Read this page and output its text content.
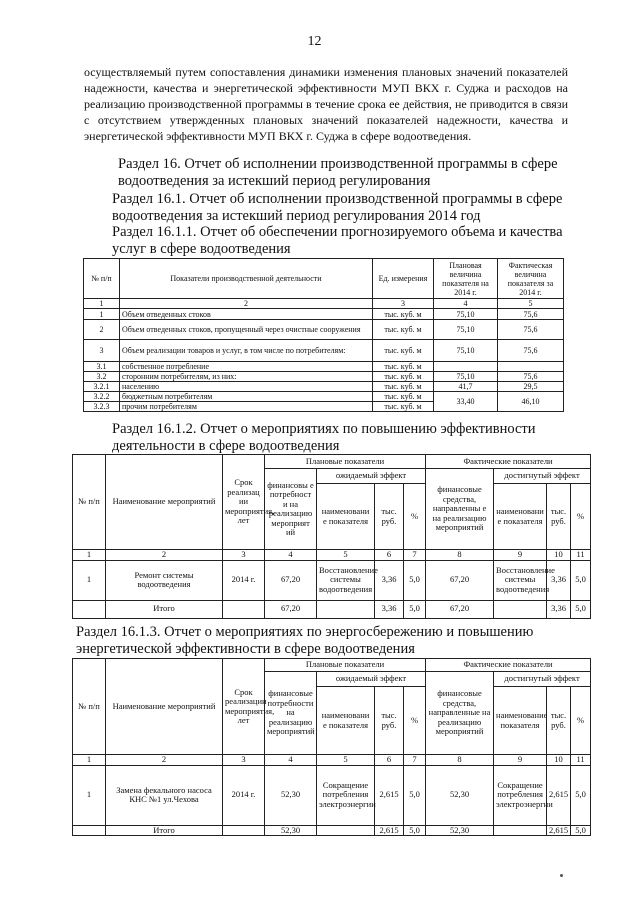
12
осуществляемый путем сопоставления динамики изменения плановых значений показателей надежности, качества и энергетической эффективности МУП ВКХ г. Суджа и расходов на реализацию производственной программы в течение срока ее действия, не приводится в связи с отсутствием утвержденных плановых значений показателей надежности, качества и энергетической эффективности МУП ВКХ г. Суджа в сфере водоотведения.
Раздел 16. Отчет об исполнении производственной программы в сфере водоотведения за истекший период регулирования
Раздел 16.1. Отчет об исполнении производственной программы в сфере водоотведения за истекший период регулирования 2014 год
Раздел 16.1.1. Отчет об обеспечении прогнозируемого объема и качества услуг в сфере водоотведения
№ п/п	Показатели производственной деятельности	Ед. измерения	Плановая величина показателя на 2014 г.	Фактическая величина показателя за 2014 г.
1	2	3	4	5
1	Объем отведенных стоков	тыс. куб. м	75,10	75,6
2	Объем отведенных стоков, пропущенный через очистные сооружения	тыс. куб. м	75,10	75,6
3	Объем реализации товаров и услуг, в том числе по потребителям:	тыс. куб. м	75,10	75,6
3.1	собственное потребление	тыс. куб. м		
3.2	сторонним потребителям, из них:	тыс. куб. м	75,10	75,6
3.2.1	населению	тыс. куб. м	41,7	29,5
3.2.2	бюджетным потребителям	тыс. куб. м	33,40	46,10
3.2.3	прочим потребителям	тыс. куб. м		
Раздел 16.1.2. Отчет о мероприятиях по повышению эффективности деятельности в сфере водоотведения
№ п/п	Наименование мероприятий	Срок реализац ии мероприятия, лет	Плановые показатели				Фактические показатели			
			финансовы е потребност и на реализацию мероприят ий	ожидаемый эффект			финансовые средства, направленны е на реализацию мероприятий	достигнутый эффект		
				наименовани е показателя	тыс. руб.	%		наименовани е показателя	тыс. руб.	%
1	2	3	4	5	6	7	8	9	10	11
1	Ремонт системы водоотведения	2014 г.	67,20	Восстановление системы водоотведения	3,36	5,0	67,20	Восстановление системы водоотведения	3,36	5,0
	Итого		67,20		3,36	5,0	67,20		3,36	5,0
Раздел 16.1.3. Отчет о мероприятиях по энергосбережению и повышению энергетической эффективности в сфере водоотведения
№ п/п	Наименование мероприятий	Срок реализации мероприятия, лет	Плановые показатели				Фактические показатели			
			финансовые потребности на реализацию мероприятий	ожидаемый эффект			финансовые средства, направленные на реализацию мероприятий	достигнутый эффект		
				наименовани е показателя	тыс. руб.	%		наименование показателя	тыс. руб.	%
1	2	3	4	5	6	7	8	9	10	11
1	Замена фекального насоса КНС №1 ул.Чехова	2014 г.	52,30	Сокращение потребления электроэнергии	2,615	5,0	52,30	Сокращение потребления электроэнергии	2,615	5,0
	Итого		52,30		2,615	5,0	52,30		2,615	5,0
